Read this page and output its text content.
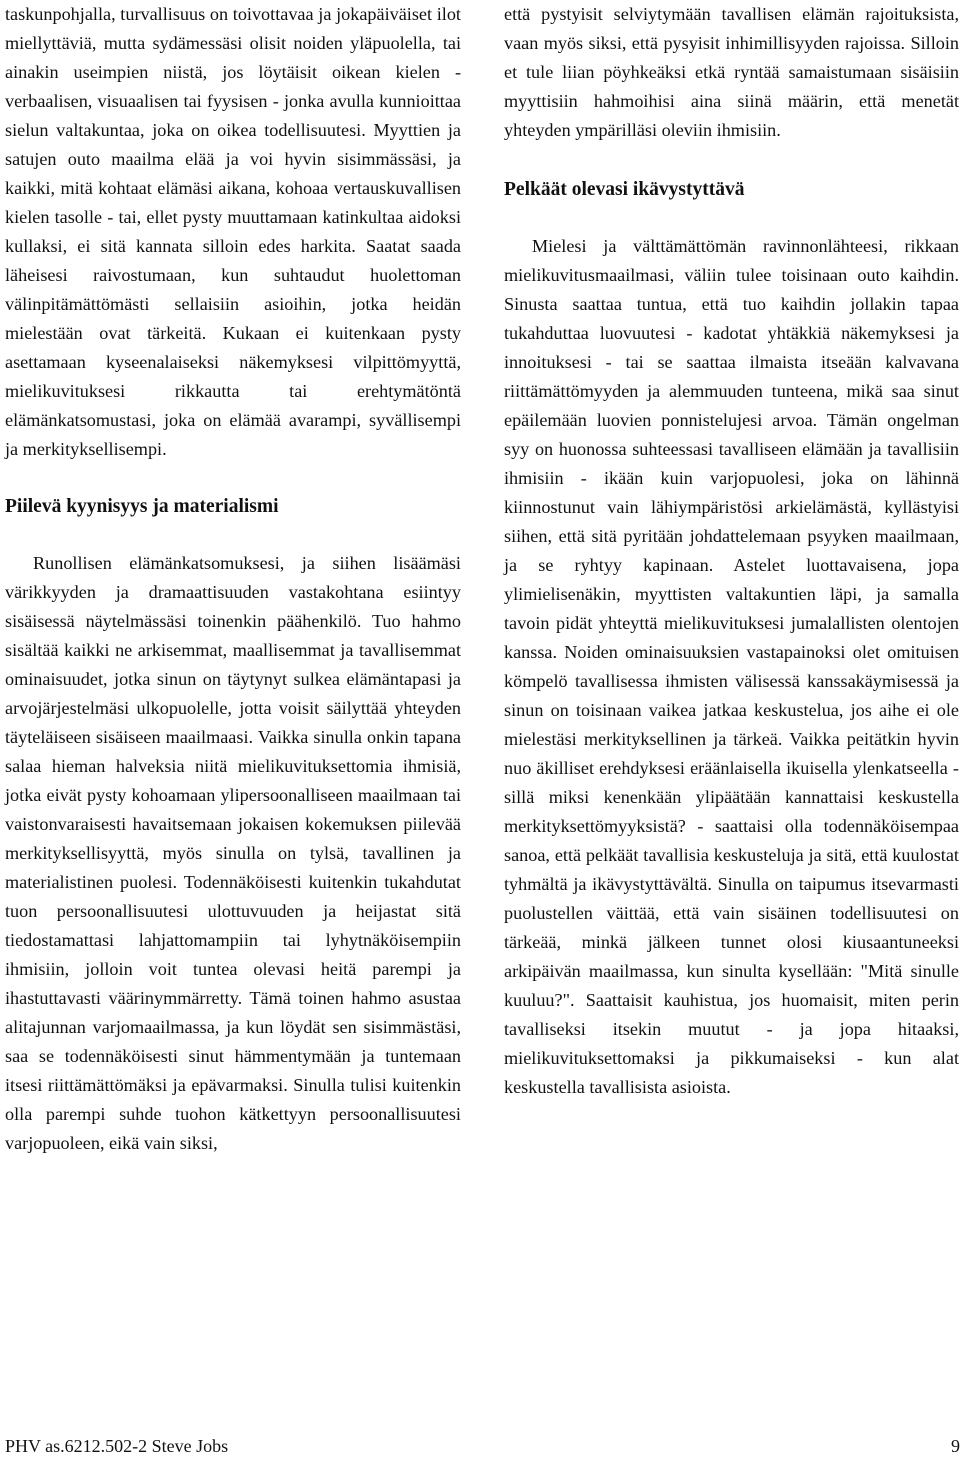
taskunpohjalla, turvallisuus on toivottavaa ja jokapäiväiset ilot miellyttäviä, mutta sydämessäsi olisit noiden yläpuolella, tai ainakin useimpien niistä, jos löytäisit oikean kielen - verbaalisen, visuaalisen tai fyysisen - jonka avulla kunnioittaa sielun valtakuntaa, joka on oikea todellisuutesi. Myyttien ja satujen outo maailma elää ja voi hyvin sisimmässäsi, ja kaikki, mitä kohtaat elämäsi aikana, kohoaa vertauskuvallisen kielen tasolle - tai, ellet pysty muuttamaan katinkultaa aidoksi kullaksi, ei sitä kannata silloin edes harkita. Saatat saada läheisesi raivostumaan, kun suhtaudut huolettoman välinpitämättömästi sellaisiin asioihin, jotka heidän mielestään ovat tärkeitä. Kukaan ei kuitenkaan pysty asettamaan kyseenalaiseksi näkemyksesi vilpittömyyttä, mielikuvituksesi rikkautta tai erehtymätöntä elämänkatsomustasi, joka on elämää avarampi, syvällisempi ja merkityksellisempi.

Piilevä kyynisyys ja materialismi

Runollisen elämänkatsomuksesi, ja siihen lisäämäsi värikkyyden ja dramaattisuuden vastakohtana esiintyy sisäisessä näytelmässäsi toinenkin päähenkilö. Tuo hahmo sisältää kaikki ne arkisemmat, maallisemmat ja tavallisemmat ominaisuudet, jotka sinun on täytynyt sulkea elämäntapasi ja arvojärjestelmäsi ulkopuolelle, jotta voisit säilyttää yhteyden täyteläiseen sisäiseen maailmaasi. Vaikka sinulla onkin tapana salaa hieman halveksia niitä mielikuvituksettomia ihmisiä, jotka eivät pysty kohoamaan ylipersoonalliseen maailmaan tai vaistonvaraisesti havaitsemaan jokaisen kokemuksen piilevää merkityksellisyyttä, myös sinulla on tylsä, tavallinen ja materialistinen puolesi. Todennäköisesti kuitenkin tukahdutat tuon persoonallisuutesi ulottuvuuden ja heijastat sitä tiedostamattasi lahjattomampiin tai lyhytnäköisempiin ihmisiin, jolloin voit tuntea olevasi heitä parempi ja ihastuttavasti väärinymmärretty. Tämä toinen hahmo asustaa alitajunnan varjomaailmassa, ja kun löydät sen sisimmästäsi, saa se todennäköisesti sinut hämmentymään ja tuntemaan itsesi riittämättömäksi ja epävarmaksi. Sinulla tulisi kuitenkin olla parempi suhde tuohon kätkettyyn persoonallisuutesi varjopuoleen, eikä vain siksi,

että pystyisit selviytymään tavallisen elämän rajoituksista, vaan myös siksi, että pysyisit inhimillisyyden rajoissa. Silloin et tule liian pöyhkeäksi etkä ryntää samaistumaan sisäisiin myyttisiin hahmoihisi aina siinä määrin, että menetät yhteyden ympärilläsi oleviin ihmisiin.

Pelkäät olevasi ikävystyttävä

Mielesi ja välttämättömän ravinnonlähteesi, rikkaan mielikuvitusmaailmasi, väliin tulee toisinaan outo kaihdin. Sinusta saattaa tuntua, että tuo kaihdin jollakin tapaa tukahduttaa luovuutesi - kadotat yhtäkkiä näkemyksesi ja innoituksesi - tai se saattaa ilmaista itseään kalvavana riittämättömyyden ja alemmuuden tunteena, mikä saa sinut epäilemään luovien ponnistelujesi arvoa. Tämän ongelman syy on huonossa suhteessasi tavalliseen elämään ja tavallisiin ihmisiin - ikään kuin varjopuolesi, joka on lähinnä kiinnostunut vain lähiympäristösi arkielämästä, kyllästyisi siihen, että sitä pyritään johdattelemaan psyyken maailmaan, ja se ryhtyy kapinaan. Astelet luottavaisena, jopa ylimielisenäkin, myyttisten valtakuntien läpi, ja samalla tavoin pidät yhteyttä mielikuvituksesi jumalallisten olentojen kanssa. Noiden ominaisuuksien vastapainoksi olet omituisen kömpelö tavallisessa ihmisten välisessä kanssakäymisessä ja sinun on toisinaan vaikea jatkaa keskustelua, jos aihe ei ole mielestäsi merkityksellinen ja tärkeä. Vaikka peitätkin hyvin nuo äkilliset erehdyksesi eräänlaisella ikuisella ylenkatseella - sillä miksi kenenkään ylipäätään kannattaisi keskustella merkityksettömyyksistä? - saattaisi olla todennäköisempaa sanoa, että pelkäät tavallisia keskusteluja ja sitä, että kuulostat tyhmältä ja ikävystyttävältä. Sinulla on taipumus itsevarmasti puolustellen väittää, että vain sisäinen todellisuutesi on tärkeää, minkä jälkeen tunnet olosi kiusaantuneeksi arkipäivän maailmassa, kun sinulta kysellään: "Mitä sinulle kuuluu?". Saattaisit kauhistua, jos huomaisit, miten perin tavalliseksi itsekin muutut - ja jopa hitaaksi, mielikuvituksettomaksi ja pikkumaiseksi - kun alat keskustella tavallisista asioista.

PHV as.6212.502-2 Steve Jobs	9
